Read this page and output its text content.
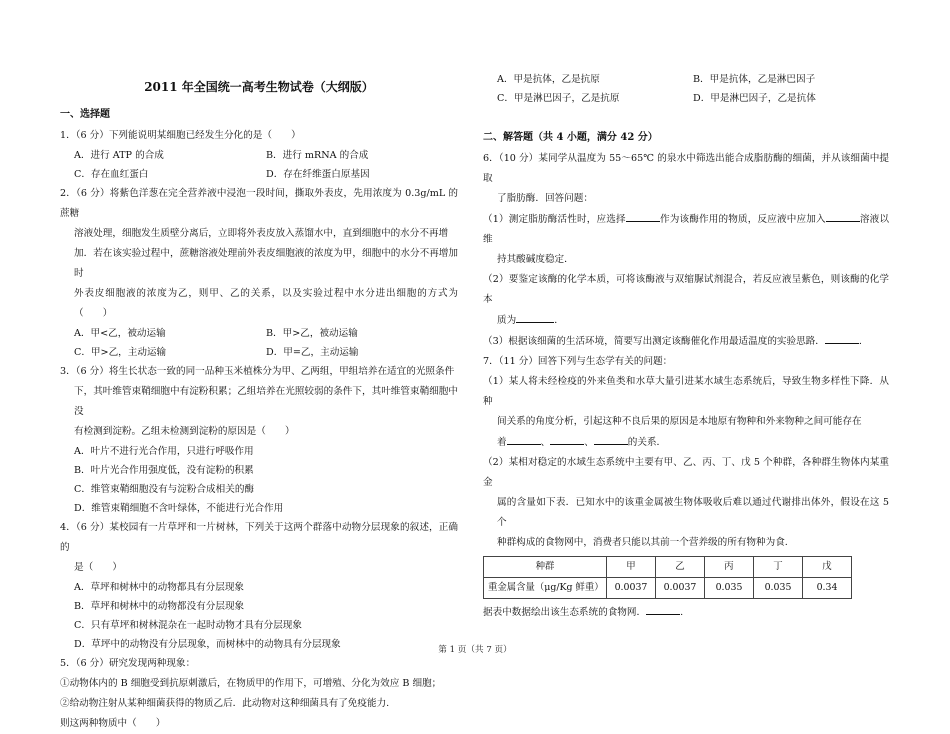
2011 年全国统一高考生物试卷（大纲版）
一、选择题
1．（6 分）下列能说明某细胞已经发生分化的是（　　）
A．进行 ATP 的合成	B．进行 mRNA 的合成
C．存在血红蛋白	D．存在纤维蛋白原基因
2．（6 分）将紫色洋葱在完全营养液中浸泡一段时间，撕取外表皮，先用浓度为 0.3g/mL 的蔗糖
溶液处理，细胞发生质壁分离后，立即将外表皮放入蒸馏水中，直到细胞中的水分不再增
加．若在该实验过程中，蔗糖溶液处理前外表皮细胞液的浓度为甲，细胞中的水分不再增加时
外表皮细胞液的浓度为乙，则甲、乙的关系，以及实验过程中水分进出细胞的方式为（　　）
A．甲<乙，被动运输	B．甲>乙，被动运输
C．甲>乙，主动运输	D．甲=乙，主动运输
3．（6 分）将生长状态一致的同一品种玉米植株分为甲、乙两组，甲组培养在适宜的光照条件
下，其叶维管束鞘细胞中有淀粉积累；乙组培养在光照较弱的条件下，其叶维管束鞘细胞中没
有检测到淀粉。乙组未检测到淀粉的原因是（　　）
A．叶片不进行光合作用，只进行呼吸作用
B．叶片光合作用强度低，没有淀粉的积累
C．维管束鞘细胞没有与淀粉合成相关的酶
D．维管束鞘细胞不含叶绿体，不能进行光合作用
4．（6 分）某校园有一片草坪和一片树林，下列关于这两个群落中动物分层现象的叙述，正确的
是（　　）
A．草坪和树林中的动物都具有分层现象
B．草坪和树林中的动物都没有分层现象
C．只有草坪和树林混杂在一起时动物才具有分层现象
D．草坪中的动物没有分层现象，而树林中的动物具有分层现象
5．（6 分）研究发现两种现象：
①动物体内的 B 细胞受到抗原刺激后，在物质甲的作用下，可增殖、分化为效应 B 细胞；
②给动物注射从某种细菌获得的物质乙后．此动物对这种细菌具有了免疫能力.
则这两种物质中（　　）
A．甲是抗体，乙是抗原	B．甲是抗体，乙是淋巴因子
C．甲是淋巴因子，乙是抗原	D．甲是淋巴因子，乙是抗体
二、解答题（共 4 小题，满分 42 分）
6．（10 分）某同学从温度为 55～65℃ 的泉水中筛选出能合成脂肪酶的细菌，并从该细菌中提取
了脂肪酶．回答问题：
（1）测定脂肪酶活性时，应选择	作为该酶作用的物质，反应液中应加入	溶液以维
持其酸碱度稳定．
（2）要鉴定该酶的化学本质，可将该酶液与双缩脲试剂混合，若反应液呈紫色，则该酶的化学本
质为	．
（3）根据该细菌的生活环境，简要写出测定该酶催化作用最适温度的实验思路．	.
7．（11 分）回答下列与生态学有关的问题：
（1）某人将未经检疫的外来鱼类和水草大量引进某水域生态系统后，导致生物多样性下降．从种
间关系的角度分析，引起这种不良后果的原因是本地原有物种和外来物种之间可能存在
着	、	、	的关系．
（2）某相对稳定的水域生态系统中主要有甲、乙、丙、丁、戊 5 个种群，各种群生物体内某重金
属的含量如下表．已知水中的该重金属被生物体吸收后难以通过代谢排出体外，假设在这 5 个
种群构成的食物网中，消费者只能以其前一个营养级的所有物种为食.
种群	甲	乙	丙	丁	戊
重金属含量（μg/Kg 鲜重）	0.0037	0.0037	0.035	0.035	0.34
据表中数据绘出该生态系统的食物网．	.
第 1 页（共 7 页）
